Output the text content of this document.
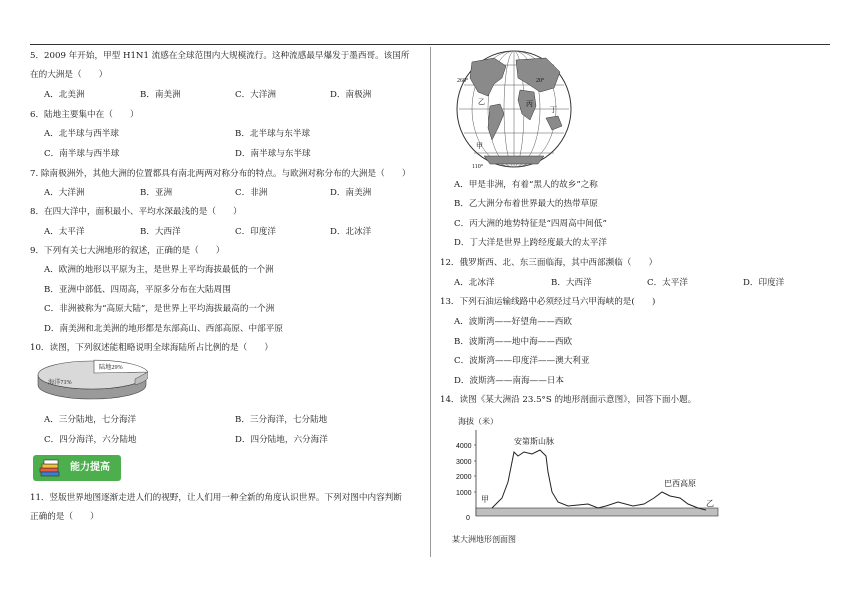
5．2009 年开始，甲型 H1N1 流感在全球范围内大规模流行。这种流感最早爆发于墨西哥。该国所
在的大洲是（　　）
A．北美洲	B．南美洲	C．大洋洲	D．南极洲
6．陆地主要集中在（　　）
A．北半球与西半球	B．北半球与东半球
C．南半球与西半球	D．南半球与东半球
7. 除南极洲外，其他大洲的位置都具有南北两两对称分布的特点。与欧洲对称分布的大洲是（　　）
A．大洋洲	B．亚洲	C．非洲	D．南美洲
8．在四大洋中，面积最小、平均水深最浅的是（　　）
A．太平洋	B．大西洋	C．印度洋	D．北冰洋
9．下列有关七大洲地形的叙述，正确的是（　　）
A．欧洲的地形以平原为主，是世界上平均海拔最低的一个洲
B．亚洲中部低、四周高，平原多分布在大陆周围
C．非洲被称为“高原大陆”，是世界上平均海拔最高的一个洲
D．南美洲和北美洲的地形都是东部高山、西部高原、中部平原
10．读图，下列叙述能粗略说明全球海陆所占比例的是（　　）
陆地29%
海洋71%
A．三分陆地，七分海洋	B．三分海洋，七分陆地
C．四分海洋，六分陆地	D．四分陆地，六分海洋
能力提高
11．竖版世界地图逐渐走进人们的视野，让人们用一种全新的角度认识世界。下列对图中内容判断
正确的是（　　）
260°	20°
110°
甲
乙	丙
丁
A．甲是非洲，有着“黑人的故乡”之称
B．乙大洲分布着世界最大的热带草原
C．丙大洲的地势特征是“四周高中间低”
D．丁大洋是世界上跨经度最大的太平洋
12．俄罗斯西、北、东三面临海，其中西部濒临（　　）
A．北冰洋	B．大西洋	C．太平洋	D．印度洋
13．下列石油运输线路中必须经过马六甲海峡的是(　　)
A．波斯湾——好望角——西欧
B．波斯湾——地中海——西欧
C．波斯湾——印度洋——澳大利亚
D．波斯湾——南海——日本
14．读图《某大洲沿 23.5°S 的地形剖面示意图》，回答下面小题。
海拔（米）
4000
3000
2000
1000
0
安第斯山脉
巴西高原
甲	乙
某大洲地形剖面图
